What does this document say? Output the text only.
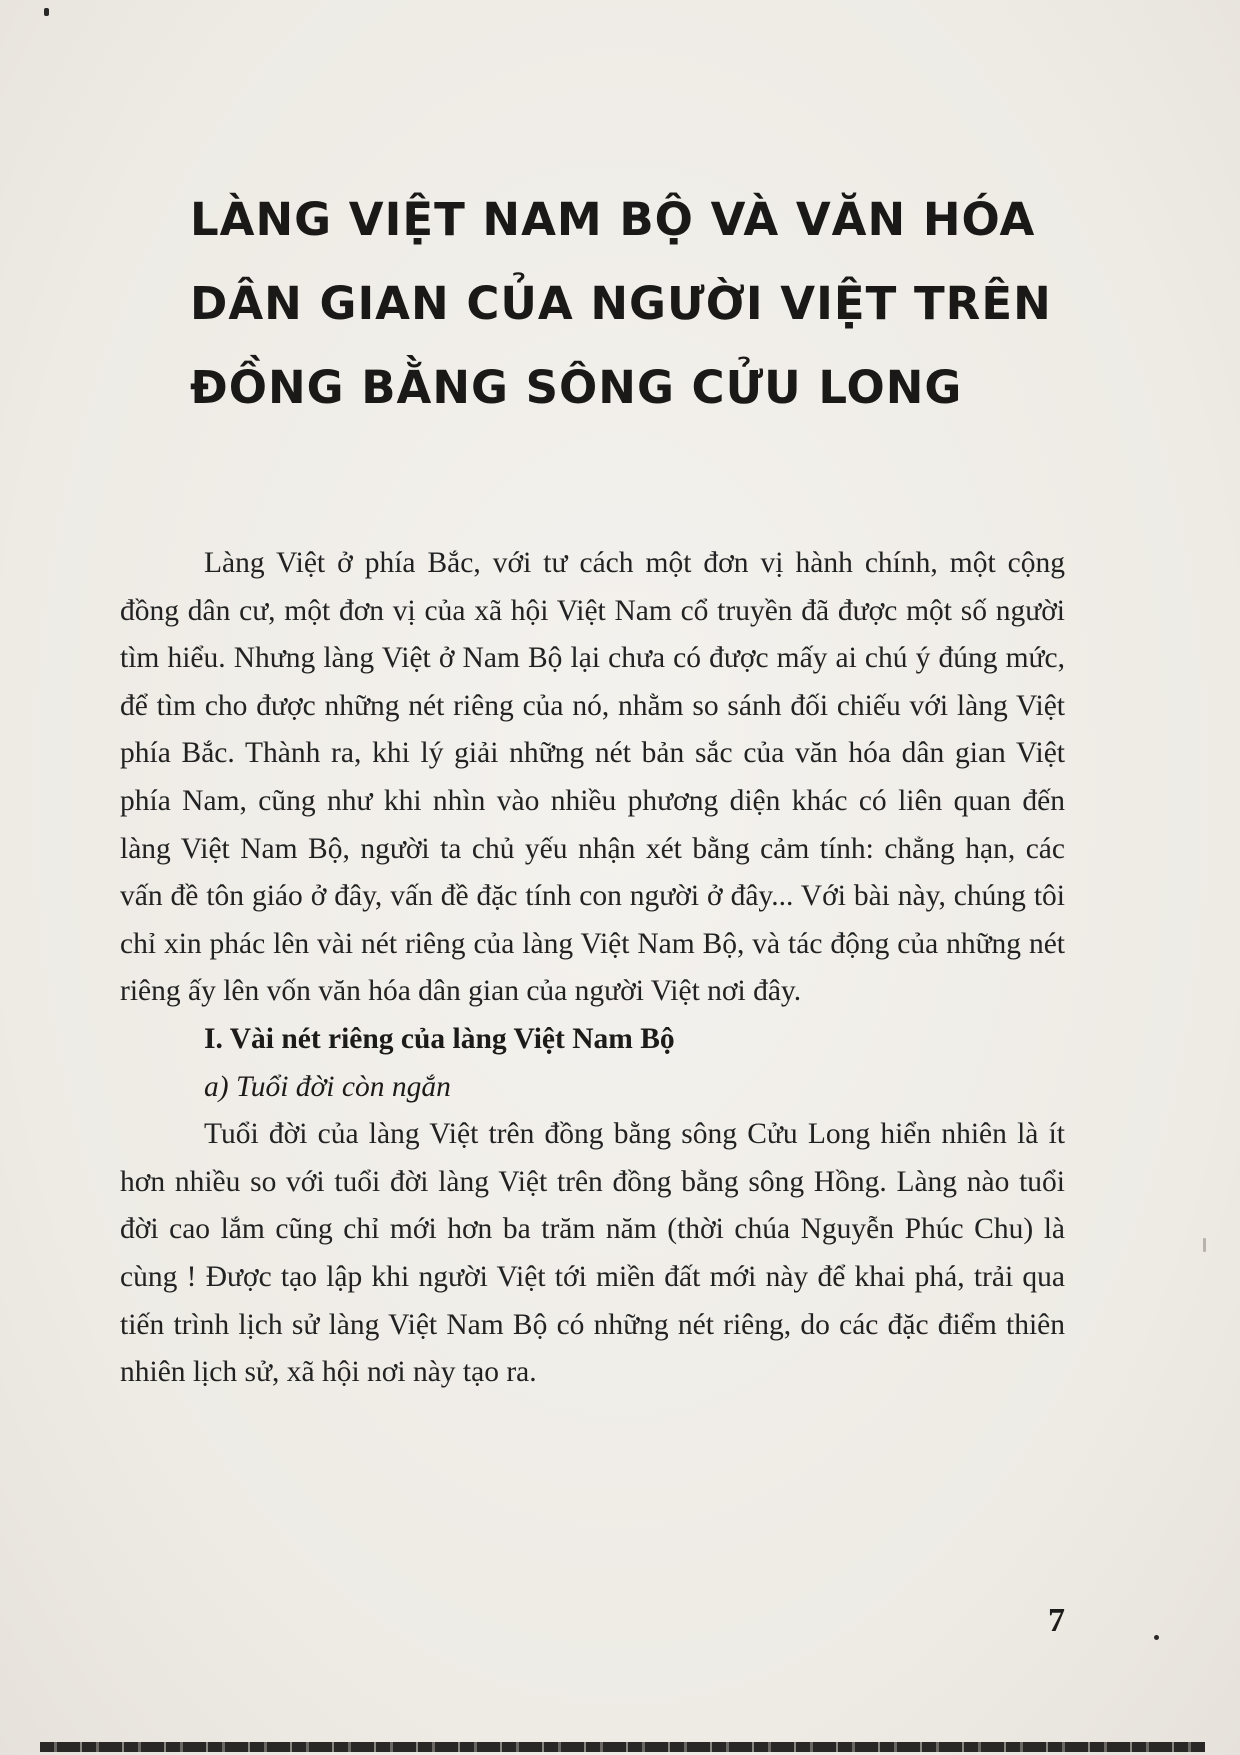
LÀNG VIỆT NAM BỘ VÀ VĂN HÓA
DÂN GIAN CỦA NGƯỜI VIỆT TRÊN
ĐỒNG BẰNG SÔNG CỬU LONG

Làng Việt ở phía Bắc, với tư cách một đơn vị hành chính, một cộng đồng dân cư, một đơn vị của xã hội Việt Nam cổ truyền đã được một số người tìm hiểu. Nhưng làng Việt ở Nam Bộ lại chưa có được mấy ai chú ý đúng mức, để tìm cho được những nét riêng của nó, nhằm so sánh đối chiếu với làng Việt phía Bắc. Thành ra, khi lý giải những nét bản sắc của văn hóa dân gian Việt phía Nam, cũng như khi nhìn vào nhiều phương diện khác có liên quan đến làng Việt Nam Bộ, người ta chủ yếu nhận xét bằng cảm tính: chẳng hạn, các vấn đề tôn giáo ở đây, vấn đề đặc tính con người ở đây... Với bài này, chúng tôi chỉ xin phác lên vài nét riêng của làng Việt Nam Bộ, và tác động của những nét riêng ấy lên vốn văn hóa dân gian của người Việt nơi đây.

I. Vài nét riêng của làng Việt Nam Bộ

a) Tuổi đời còn ngắn

Tuổi đời của làng Việt trên đồng bằng sông Cửu Long hiển nhiên là ít hơn nhiều so với tuổi đời làng Việt trên đồng bằng sông Hồng. Làng nào tuổi đời cao lắm cũng chỉ mới hơn ba trăm năm (thời chúa Nguyễn Phúc Chu) là cùng ! Được tạo lập khi người Việt tới miền đất mới này để khai phá, trải qua tiến trình lịch sử làng Việt Nam Bộ có những nét riêng, do các đặc điểm thiên nhiên lịch sử, xã hội nơi này tạo ra.

7
